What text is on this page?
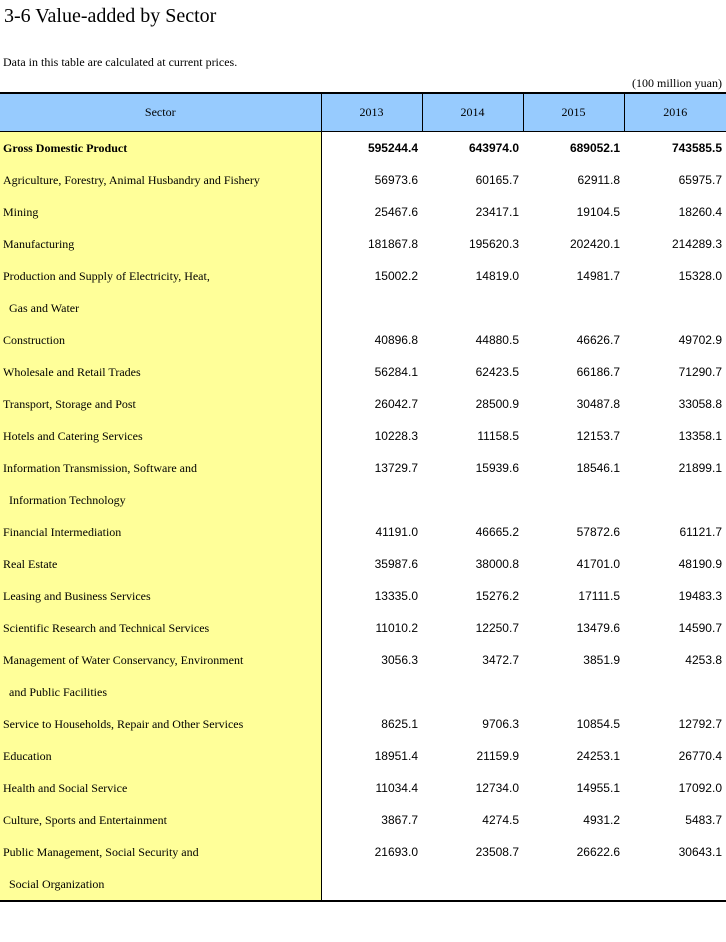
3-6 Value-added by Sector
Data in this table are calculated at current prices.
(100 million yuan)
Sector	2013	2014	2015	2016
Gross Domestic Product	595244.4	643974.0	689052.1	743585.5
Agriculture, Forestry, Animal Husbandry and Fishery	56973.6	60165.7	62911.8	65975.7
Mining	25467.6	23417.1	19104.5	18260.4
Manufacturing	181867.8	195620.3	202420.1	214289.3
Production and Supply of Electricity, Heat,	15002.2	14819.0	14981.7	15328.0
Gas and Water				
Construction	40896.8	44880.5	46626.7	49702.9
Wholesale and Retail Trades	56284.1	62423.5	66186.7	71290.7
Transport, Storage and Post	26042.7	28500.9	30487.8	33058.8
Hotels and Catering Services	10228.3	11158.5	12153.7	13358.1
Information Transmission, Software and	13729.7	15939.6	18546.1	21899.1
Information Technology				
Financial Intermediation	41191.0	46665.2	57872.6	61121.7
Real Estate	35987.6	38000.8	41701.0	48190.9
Leasing and Business Services	13335.0	15276.2	17111.5	19483.3
Scientific Research and Technical Services	11010.2	12250.7	13479.6	14590.7
Management of Water Conservancy, Environment	3056.3	3472.7	3851.9	4253.8
and Public Facilities				
Service to Households, Repair and Other Services	8625.1	9706.3	10854.5	12792.7
Education	18951.4	21159.9	24253.1	26770.4
Health and Social Service	11034.4	12734.0	14955.1	17092.0
Culture, Sports and Entertainment	3867.7	4274.5	4931.2	5483.7
Public Management, Social Security and	21693.0	23508.7	26622.6	30643.1
Social Organization				
